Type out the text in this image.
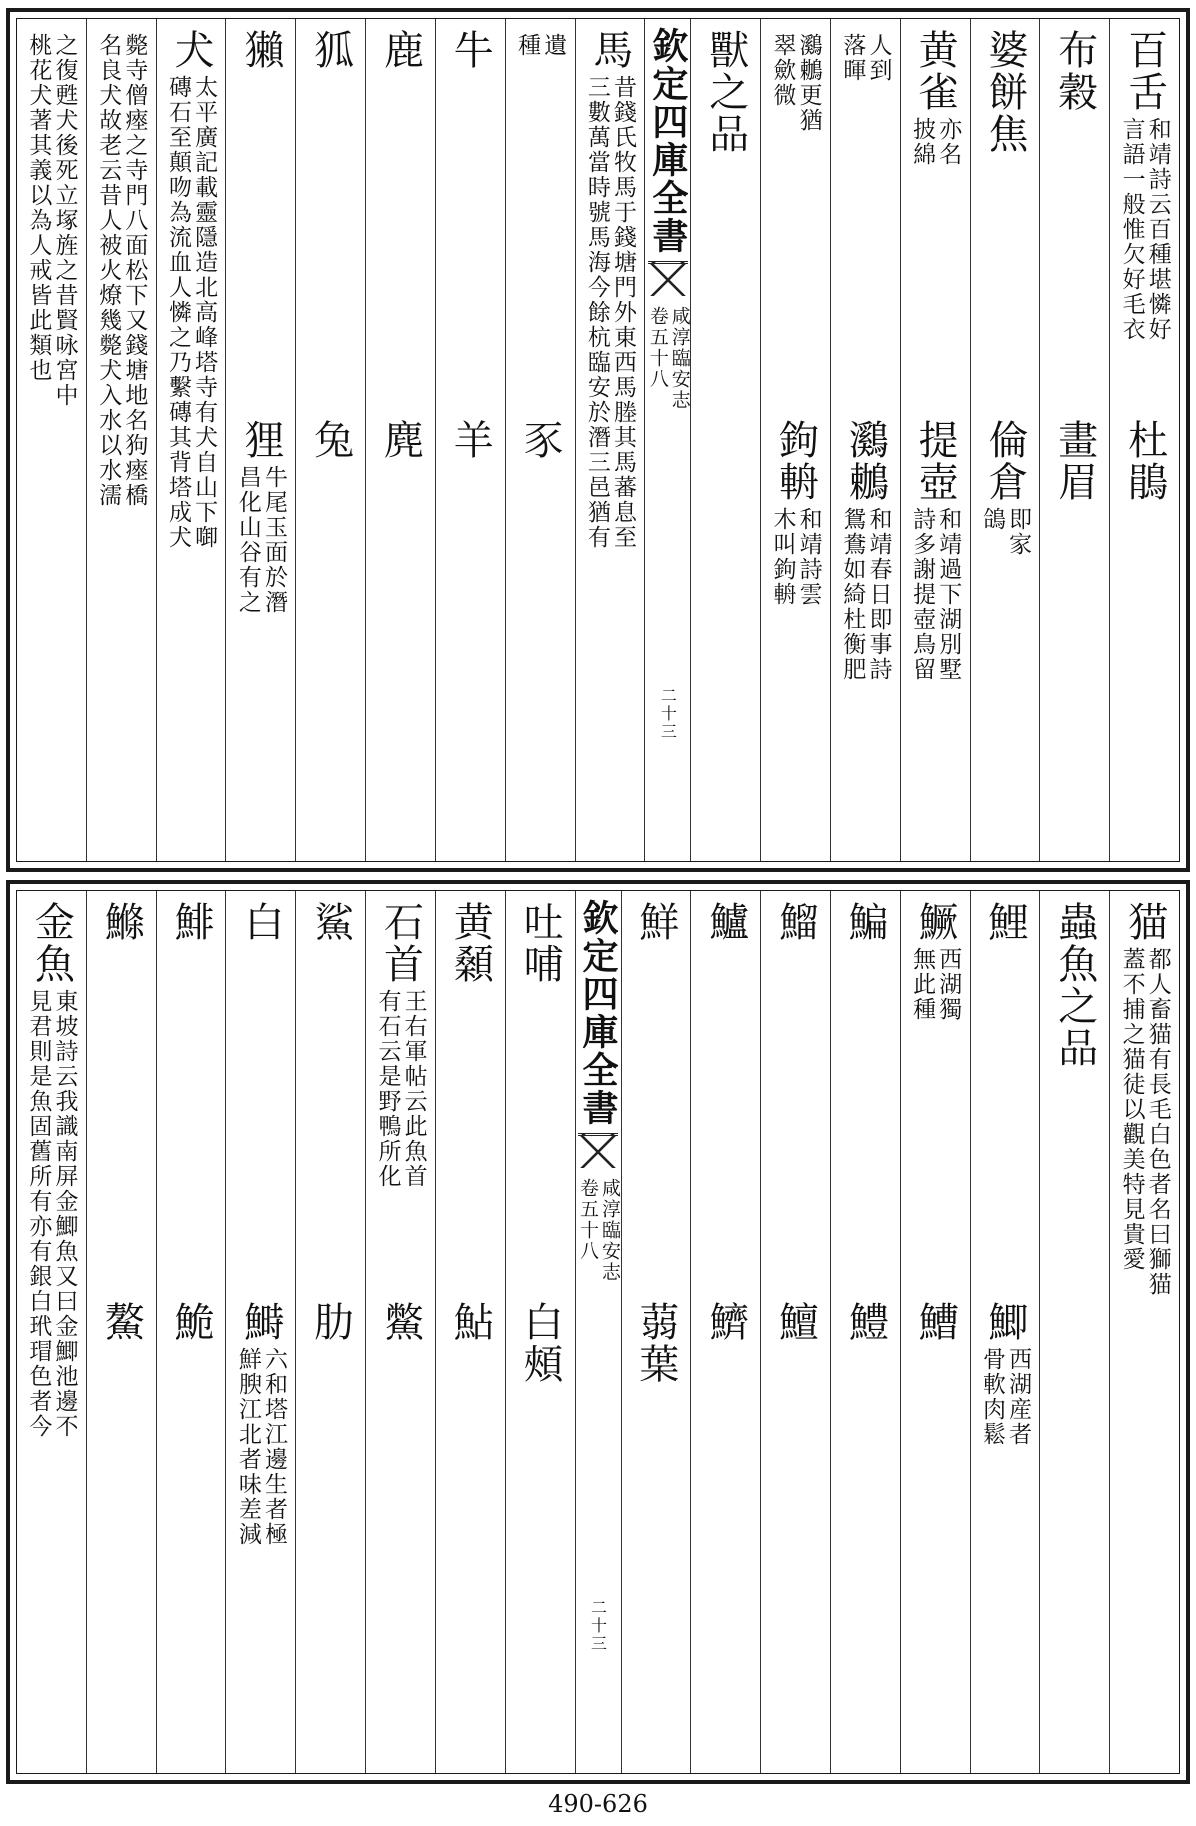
百舌
和靖詩云百種堪憐好
言語一般惟欠好毛衣
杜鵑
布穀
畫眉
婆餅焦
倫倉
即家
鴿
黄雀
亦名
披綿
提壺
和靖過下湖別墅
詩多謝提壺鳥留
人到
落暉
鸂鶒
和靖春日即事詩
鴛鴦如綺杜衡肥
鸂鶒更猶
翠歛微
鉤輈
和靖詩雲
木叫鉤輈
獸之品
欽定四庫全書
咸淳臨安志
卷五十八
二十三
馬
昔錢氏牧馬于錢塘門外東西馬塍其馬蕃息至
三數萬當時號馬海今餘杭臨安於潛三邑猶有
遺
種
豕
牛
羊
鹿
麂
狐
兔
獺
狸
牛尾玉面於潛
昌化山谷有之
犬
太平廣記載靈隱造北高峰塔寺有犬自山下啣
磚石至顛吻為流血人憐之乃繫磚其背塔成犬
斃寺僧瘞之寺門八面松下又錢塘地名狗瘞橋
名良犬故老云昔人被火燎幾斃犬入水以水濡
之復甦犬後死立塚旌之昔賢咏宮中
桃花犬著其義以為人戒皆此類也
猫
都人畜猫有長毛白色者名曰獅猫
蓋不捕之猫徒以觀美特見貴愛
蟲魚之品
鯉
鯽
西湖産者
骨軟肉鬆
鱖
西湖獨
無此種
鰽
鯿
鱧
鰡
鱣
鱸
鱭
鮮
蒻葉
欽定四庫全書
咸淳臨安志
卷五十八
二十三
吐哺
白頰
黄顙
鮎
石首
王右軍帖云此魚首
有石云是野鴨所化
鱉
鯊
肋
白
鰣
六和塔江邊生者極
鮮腴江北者味差減
鯡
鮠
鰷
鰲
金魚
東坡詩云我識南屏金鯽魚又曰金鯽池邊不
見君則是魚固舊所有亦有銀白玳瑁色者今
490-626
